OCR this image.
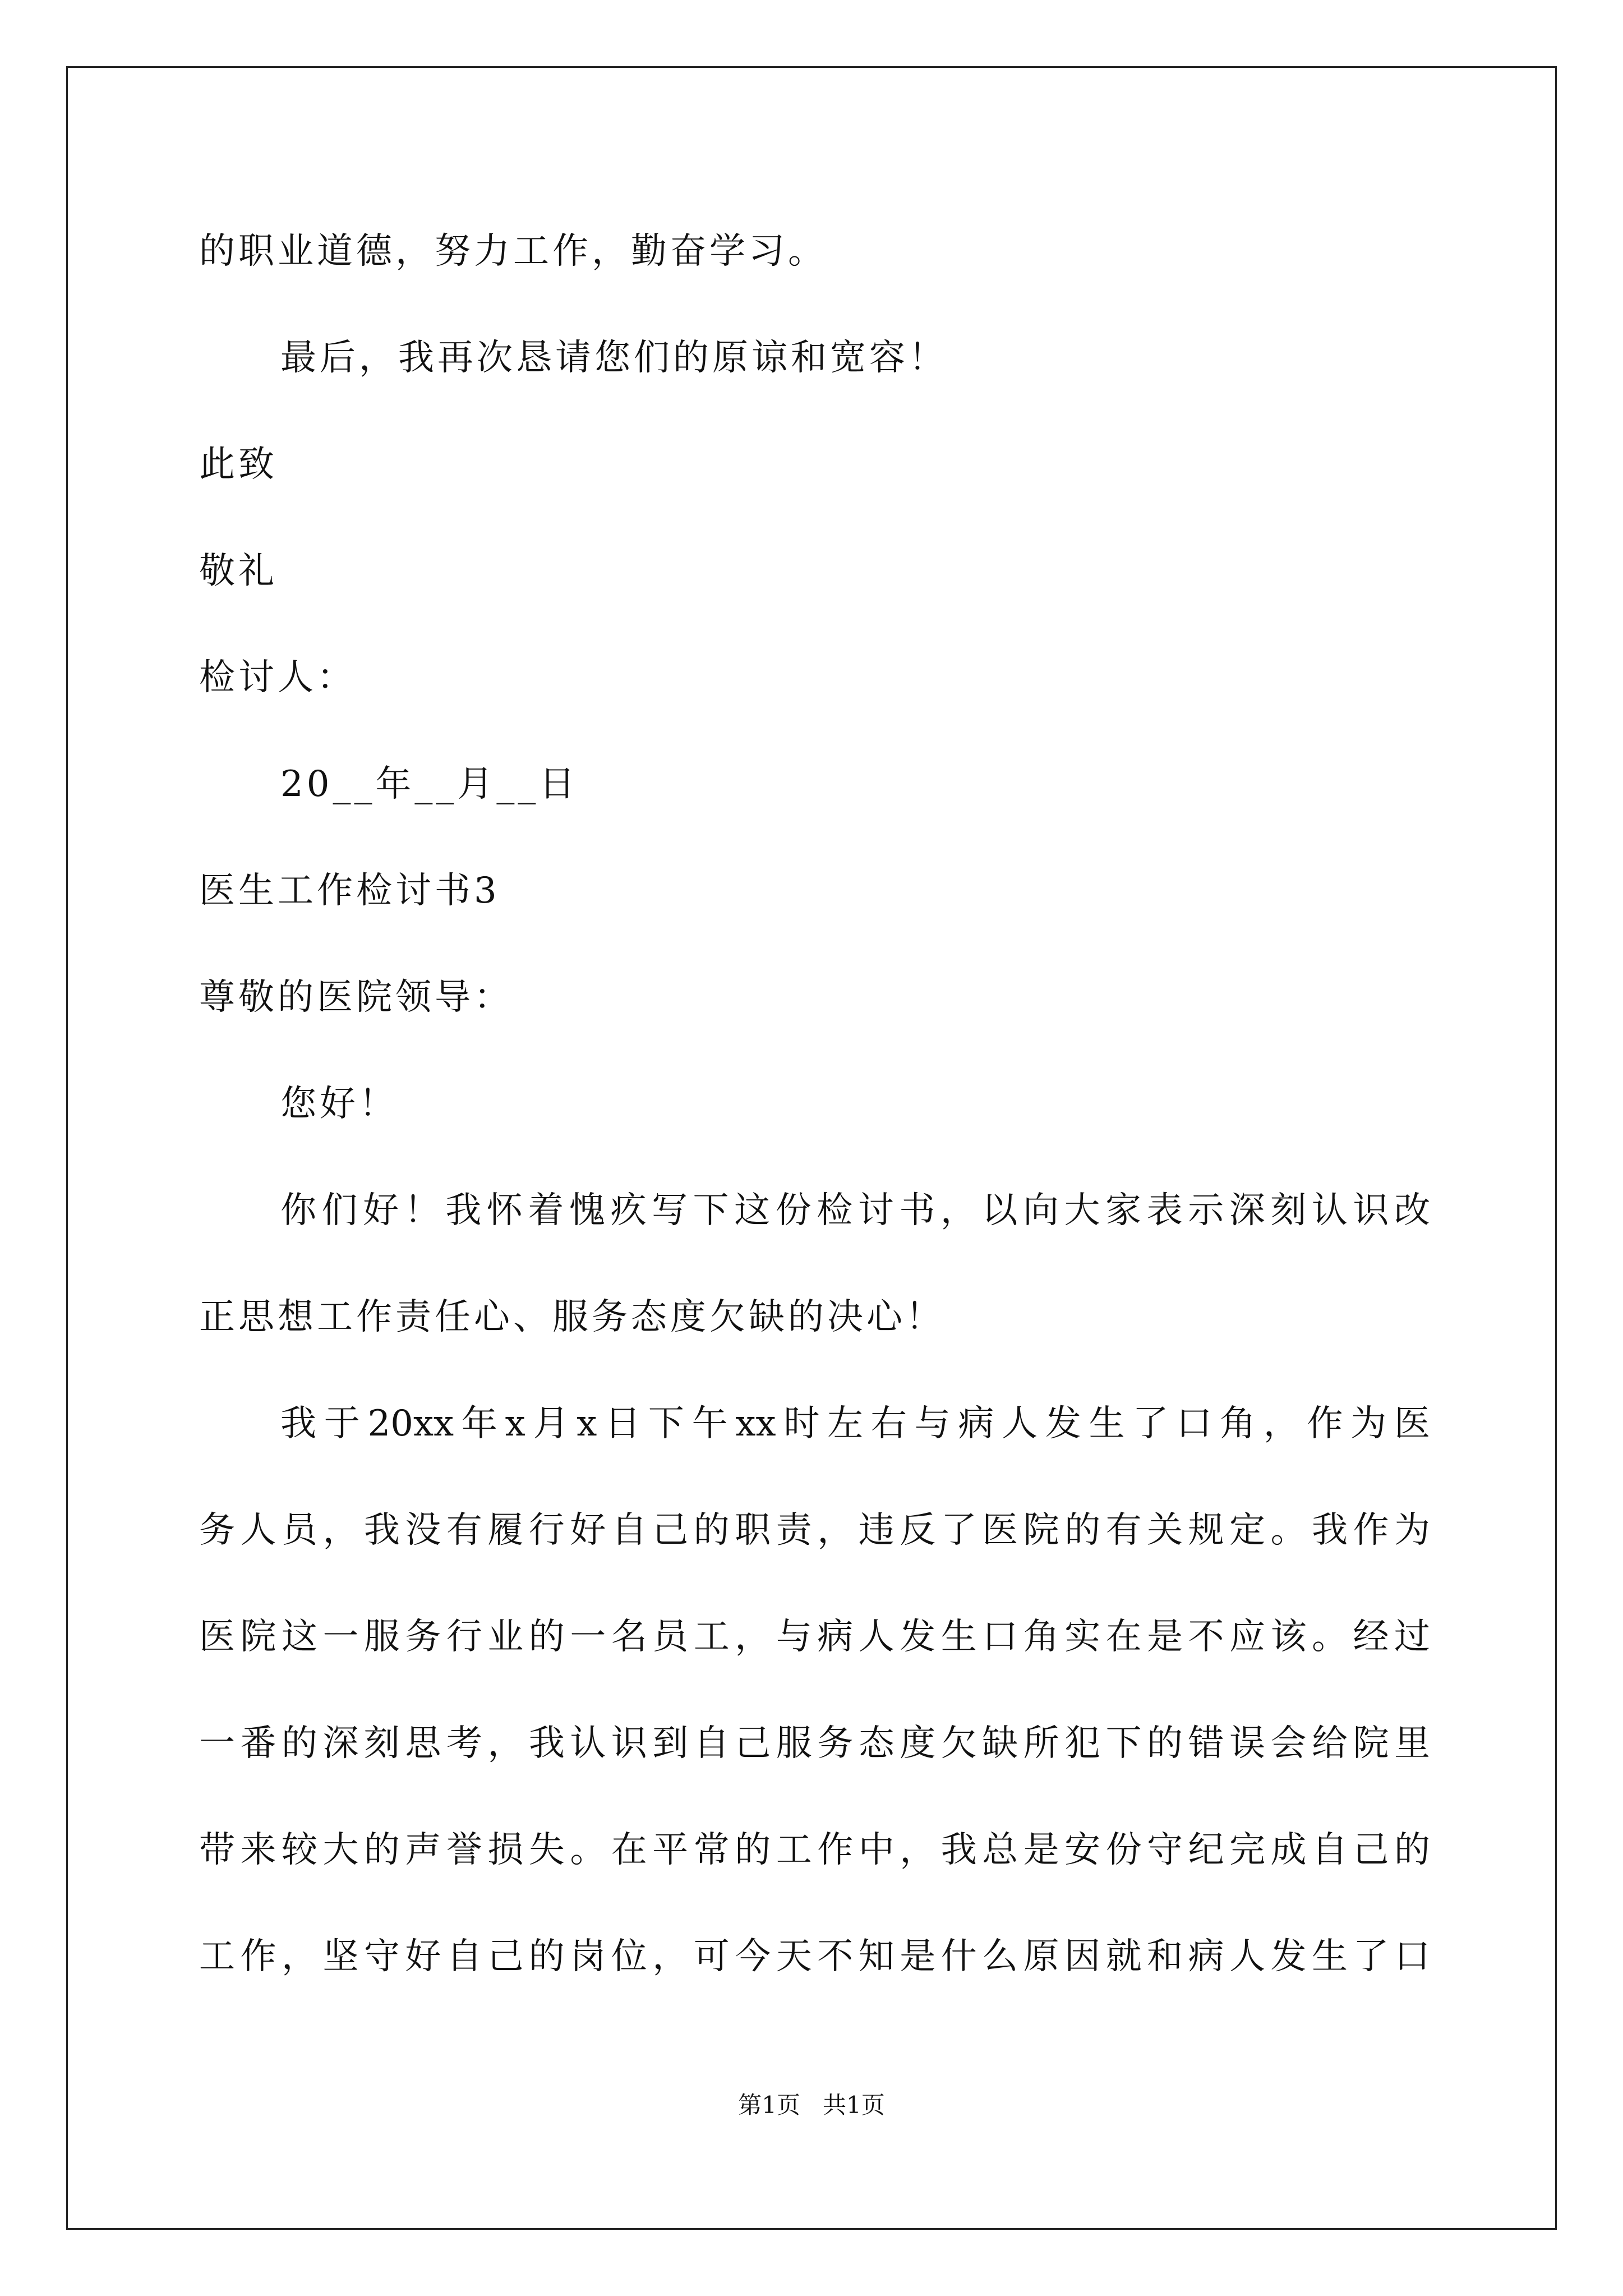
的职业道德，努力工作，勤奋学习。
最后，我再次恳请您们的原谅和宽容！
此致
敬礼
检讨人：
20__年__月__日
医生工作检讨书3
尊敬的医院领导：
您好！
你们好！我怀着愧疚写下这份检讨书，以向大家表示深刻认识改
正思想工作责任心、服务态度欠缺的决心！
我于20xx年x月x日下午xx时左右与病人发生了口角，作为医
务人员，我没有履行好自己的职责，违反了医院的有关规定。我作为
医院这一服务行业的一名员工，与病人发生口角实在是不应该。经过
一番的深刻思考，我认识到自己服务态度欠缺所犯下的错误会给院里
带来较大的声誉损失。在平常的工作中，我总是安份守纪完成自己的
工作，坚守好自己的岗位，可今天不知是什么原因就和病人发生了口
第1页   共1页
